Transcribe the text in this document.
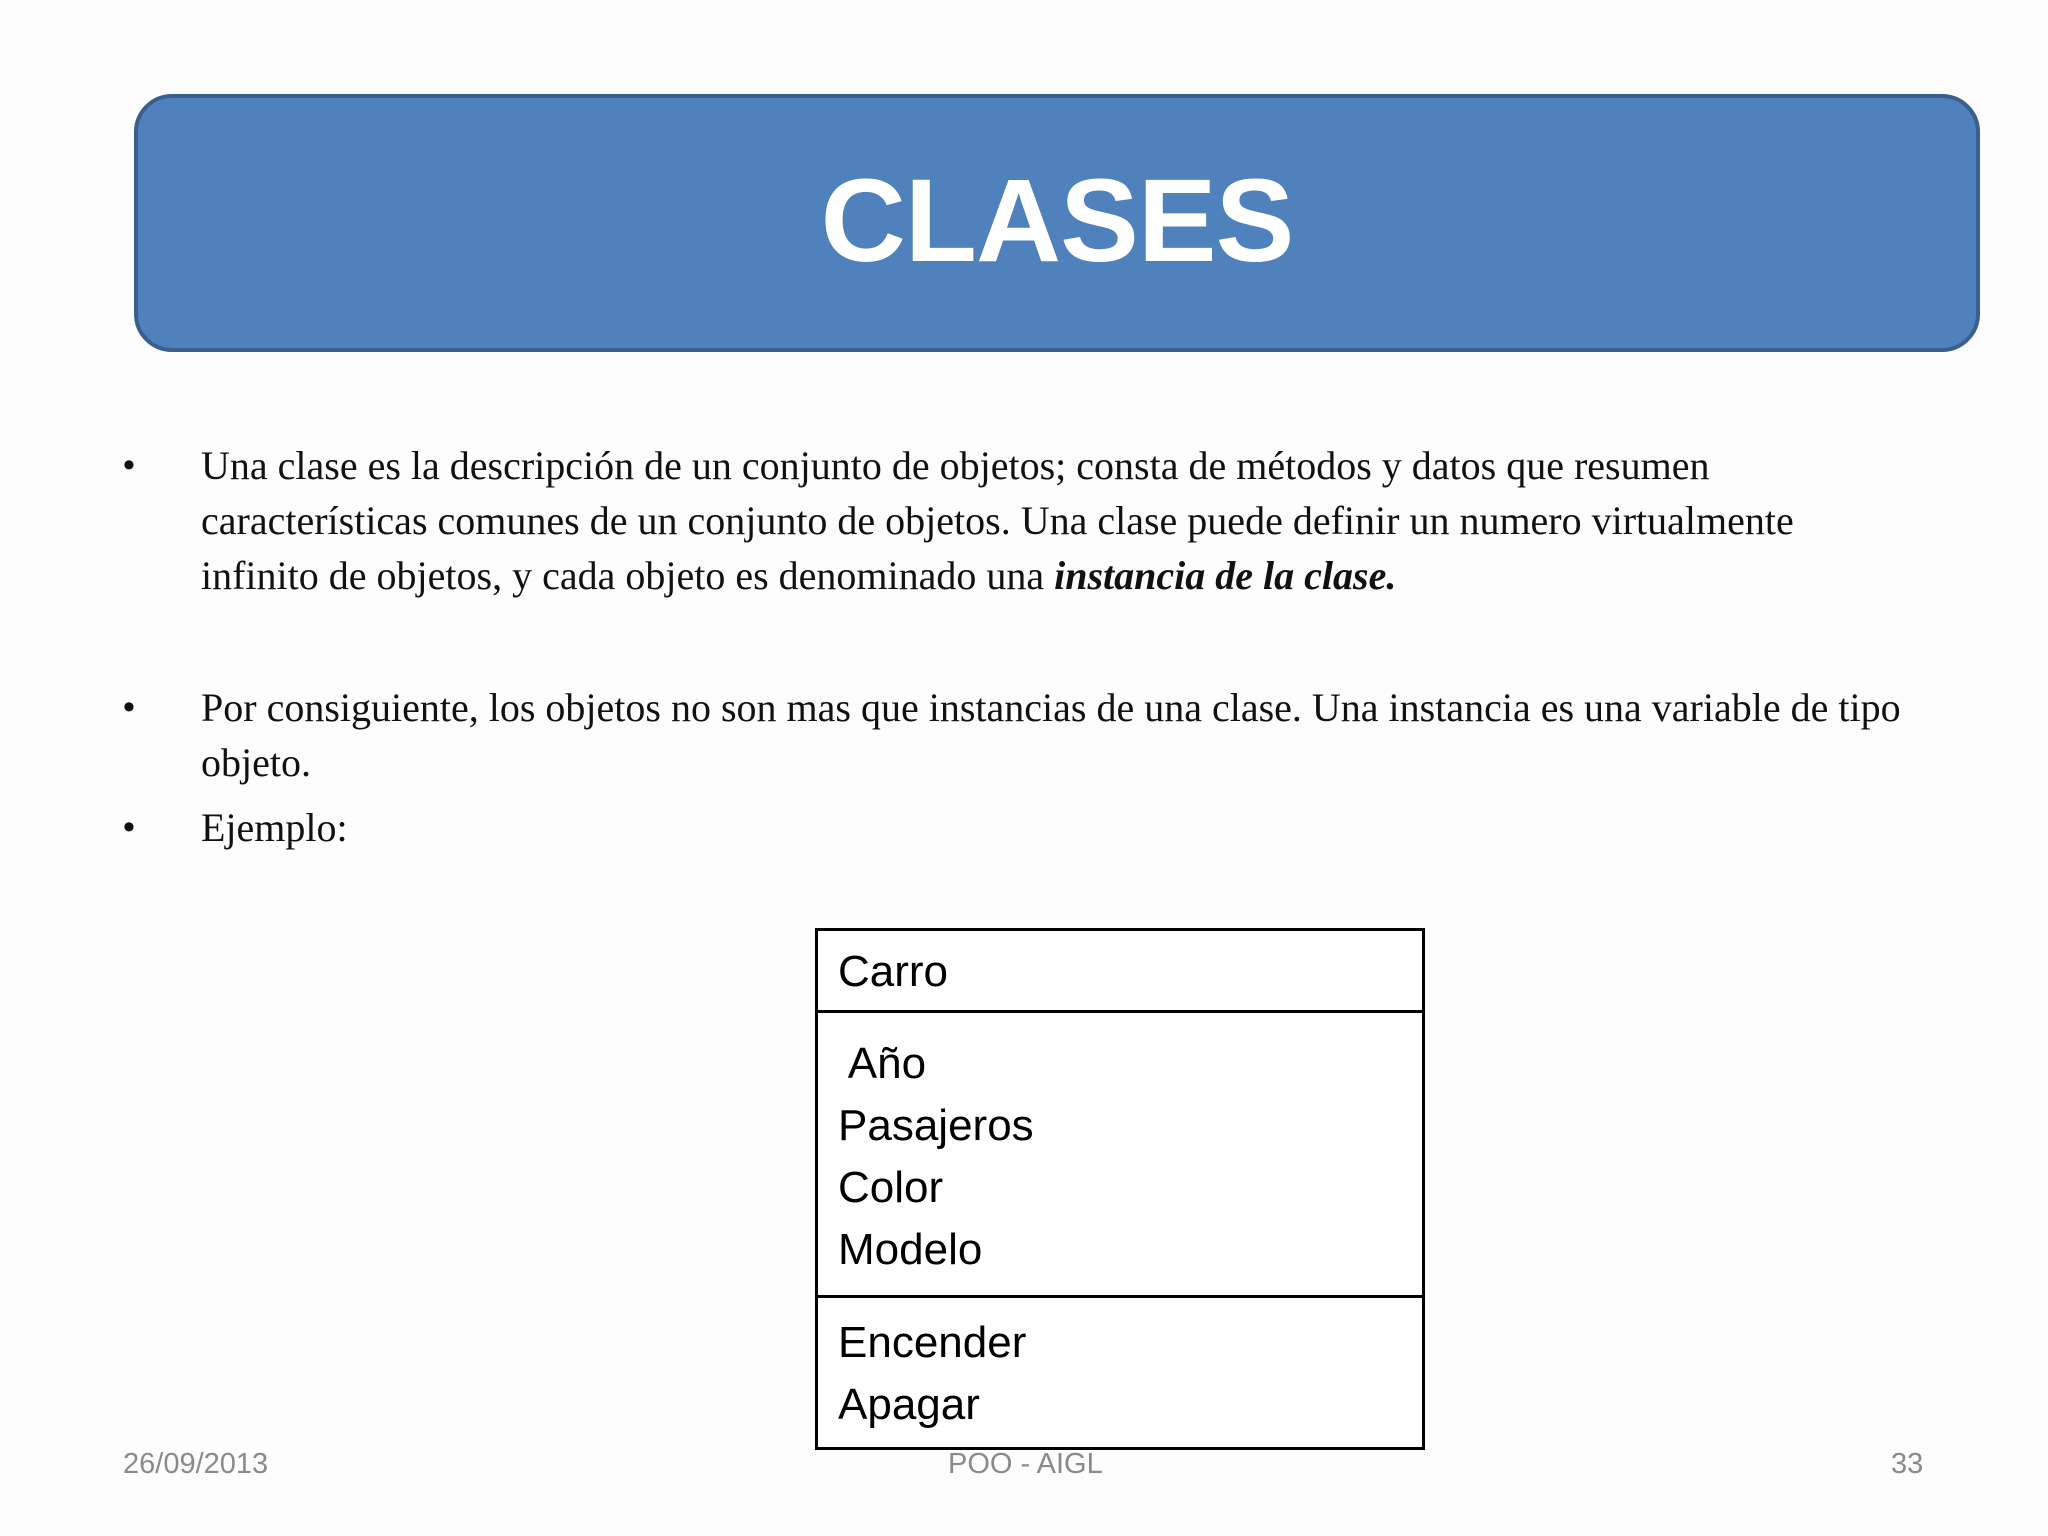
CLASES
• Una clase es la descripción de un conjunto de objetos; consta de métodos y datos que resumen características comunes de un conjunto de objetos. Una clase puede definir un numero virtualmente infinito de objetos, y cada objeto es denominado una instancia de la clase.
• Por consiguiente, los objetos no son mas que instancias de una clase. Una instancia es una variable de tipo objeto.
• Ejemplo:
Carro
Año
Pasajeros
Color
Modelo
Encender
Apagar
26/09/2013	POO - AIGL	33
